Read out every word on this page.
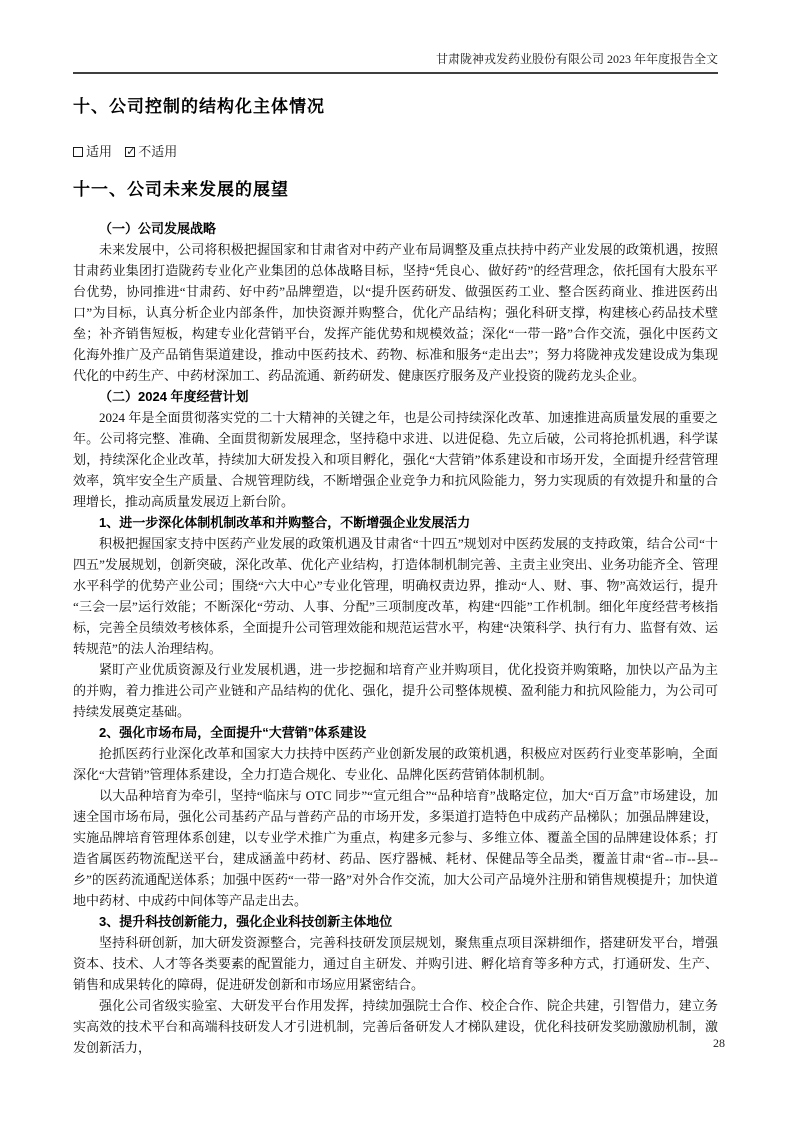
甘肃陇神戎发药业股份有限公司 2023 年年度报告全文
十、公司控制的结构化主体情况
适用 ✓ 不适用
十一、公司未来发展的展望
（一）公司发展战略
未来发展中，公司将积极把握国家和甘肃省对中药产业布局调整及重点扶持中药产业发展的政策机遇，按照甘肃药业集团打造陇药专业化产业集团的总体战略目标，坚持“凭良心、做好药”的经营理念，依托国有大股东平台优势，协同推进“甘肃药、好中药”品牌塑造，以“提升医药研发、做强医药工业、整合医药商业、推进医药出口”为目标，认真分析企业内部条件，加快资源并购整合，优化产品结构；强化科研支撑，构建核心药品技术壁垒；补齐销售短板，构建专业化营销平台，发挥产能优势和规模效益；深化“一带一路”合作交流，强化中医药文化海外推广及产品销售渠道建设，推动中医药技术、药物、标准和服务“走出去”；努力将陇神戎发建设成为集现代化的中药生产、中药材深加工、药品流通、新药研发、健康医疗服务及产业投资的陇药龙头企业。
（二）2024 年度经营计划
2024 年是全面贯彻落实党的二十大精神的关键之年，也是公司持续深化改革、加速推进高质量发展的重要之年。公司将完整、准确、全面贯彻新发展理念，坚持稳中求进、以进促稳、先立后破，公司将抢抓机遇，科学谋划，持续深化企业改革，持续加大研发投入和项目孵化，强化“大营销”体系建设和市场开发，全面提升经营管理效率，筑牢安全生产质量、合规管理防线，不断增强企业竞争力和抗风险能力，努力实现质的有效提升和量的合理增长，推动高质量发展迈上新台阶。
1、进一步深化体制机制改革和并购整合，不断增强企业发展活力
积极把握国家支持中医药产业发展的政策机遇及甘肃省“十四五”规划对中医药发展的支持政策，结合公司“十四五”发展规划，创新突破，深化改革、优化产业结构，打造体制机制完善、主责主业突出、业务功能齐全、管理水平科学的优势产业公司；围绕“六大中心”专业化管理，明确权责边界，推动“人、财、事、物”高效运行，提升“三会一层”运行效能；不断深化“劳动、人事、分配”三项制度改革，构建“四能”工作机制。细化年度经营考核指标，完善全员绩效考核体系，全面提升公司管理效能和规范运营水平，构建“决策科学、执行有力、监督有效、运转规范”的法人治理结构。
紧盯产业优质资源及行业发展机遇，进一步挖掘和培育产业并购项目，优化投资并购策略，加快以产品为主的并购，着力推进公司产业链和产品结构的优化、强化，提升公司整体规模、盈利能力和抗风险能力，为公司可持续发展奠定基础。
2、强化市场布局，全面提升“大营销”体系建设
抢抓医药行业深化改革和国家大力扶持中医药产业创新发展的政策机遇，积极应对医药行业变革影响，全面深化“大营销”管理体系建设，全力打造合规化、专业化、品牌化医药营销体制机制。
以大品种培育为牵引，坚持“临床与 OTC 同步”“宣元组合”“品种培育”战略定位，加大“百万盒”市场建设，加速全国市场布局，强化公司基药产品与普药产品的市场开发，多渠道打造特色中成药产品梯队；加强品牌建设，实施品牌培育管理体系创建，以专业学术推广为重点，构建多元参与、多维立体、覆盖全国的品牌建设体系；打造省属医药物流配送平台，建成涵盖中药材、药品、医疗器械、耗材、保健品等全品类，覆盖甘肃“省--市--县--乡”的医药流通配送体系；加强中医药“一带一路”对外合作交流，加大公司产品境外注册和销售规模提升；加快道地中药材、中成药中间体等产品走出去。
3、提升科技创新能力，强化企业科技创新主体地位
坚持科研创新，加大研发资源整合，完善科技研发顶层规划，聚焦重点项目深耕细作，搭建研发平台，增强资本、技术、人才等各类要素的配置能力，通过自主研发、并购引进、孵化培育等多种方式，打通研发、生产、销售和成果转化的障碍，促进研发创新和市场应用紧密结合。
强化公司省级实验室、大研发平台作用发挥，持续加强院士合作、校企合作、院企共建，引智借力，建立务实高效的技术平台和高端科技研发人才引进机制，完善后备研发人才梯队建设，优化科技研发奖励激励机制，激发创新活力，	28
